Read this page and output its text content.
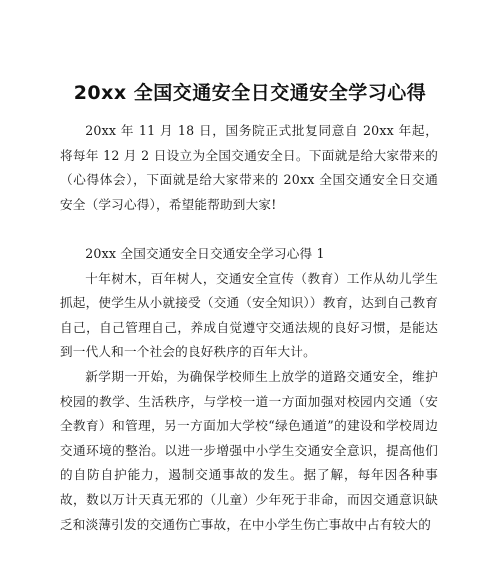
20xx 全国交通安全日交通安全学习心得

20xx 年 11 月 18 日，国务院正式批复同意自 20xx 年起，将每年 12 月 2 日设立为全国交通安全日。下面就是给大家带来的（心得体会），下面就是给大家带来的 20xx 全国交通安全日交通安全（学习心得），希望能帮助到大家!

20xx 全国交通安全日交通安全学习心得 1

十年树木，百年树人，交通安全宣传（教育）工作从幼儿学生抓起，使学生从小就接受（交通（安全知识））教育，达到自己教育自己，自己管理自己，养成自觉遵守交通法规的良好习惯，是能达到一代人和一个社会的良好秩序的百年大计。

新学期一开始，为确保学校师生上放学的道路交通安全，维护校园的教学、生活秩序，与学校一道一方面加强对校园内交通（安全教育）和管理，另一方面加大学校“绿色通道”的建设和学校周边交通环境的整治。以进一步增强中小学生交通安全意识，提高他们的自防自护能力，遏制交通事故的发生。据了解，每年因各种事故，数以万计天真无邪的（儿童）少年死于非命，而因交通意识缺乏和淡薄引发的交通伤亡事故，在中小学生伤亡事故中占有较大的
